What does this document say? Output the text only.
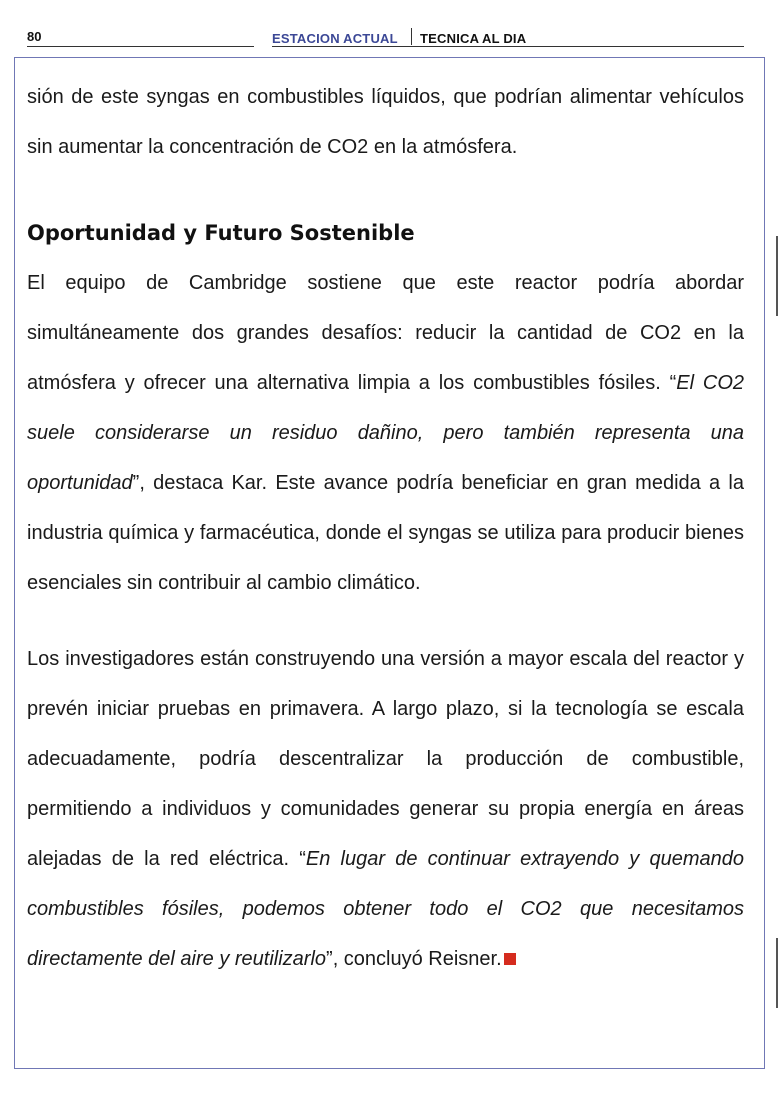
80	ESTACION ACTUAL TECNICA AL DIA

sión de este syngas en combustibles líquidos, que podrían alimentar vehículos sin aumentar la concentración de CO2 en la atmósfera.

Oportunidad y Futuro Sostenible

El equipo de Cambridge sostiene que este reactor podría abordar simultáneamente dos grandes desafíos: reducir la cantidad de CO2 en la atmósfera y ofrecer una alternativa limpia a los combustibles fósiles. “El CO2 suele considerarse un residuo dañino, pero también representa una oportunidad”, destaca Kar. Este avance podría beneficiar en gran medida a la industria química y farmacéutica, donde el syngas se utiliza para producir bienes esenciales sin contribuir al cambio climático.

Los investigadores están construyendo una versión a mayor escala del reactor y prevén iniciar pruebas en primavera. A largo plazo, si la tecnología se escala adecuadamente, podría descentralizar la producción de combustible, permitiendo a individuos y comunidades generar su propia energía en áreas alejadas de la red eléctrica. “En lugar de continuar extrayendo y quemando combustibles fósiles, podemos obtener todo el CO2 que necesitamos directamente del aire y reutilizarlo”, concluyó Reisner.
